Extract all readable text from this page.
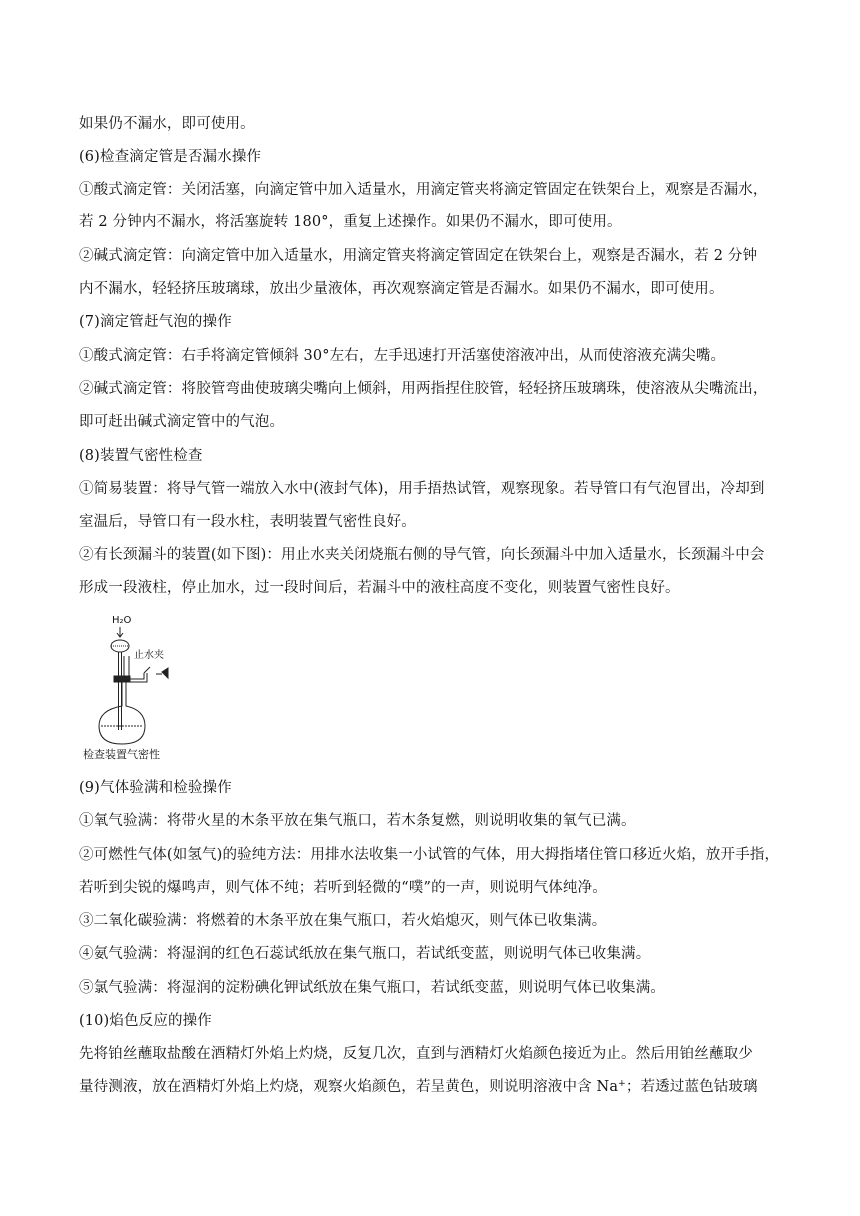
如果仍不漏水，即可使用。
(6)检查滴定管是否漏水操作
①酸式滴定管：关闭活塞，向滴定管中加入适量水，用滴定管夹将滴定管固定在铁架台上，观察是否漏水，
若 2 分钟内不漏水，将活塞旋转 180°，重复上述操作。如果仍不漏水，即可使用。
②碱式滴定管：向滴定管中加入适量水，用滴定管夹将滴定管固定在铁架台上，观察是否漏水，若 2 分钟
内不漏水，轻轻挤压玻璃球，放出少量液体，再次观察滴定管是否漏水。如果仍不漏水，即可使用。
(7)滴定管赶气泡的操作
①酸式滴定管：右手将滴定管倾斜 30°左右，左手迅速打开活塞使溶液冲出，从而使溶液充满尖嘴。
②碱式滴定管：将胶管弯曲使玻璃尖嘴向上倾斜，用两指捏住胶管，轻轻挤压玻璃珠，使溶液从尖嘴流出，
即可赶出碱式滴定管中的气泡。
(8)装置气密性检查
①简易装置：将导气管一端放入水中(液封气体)，用手捂热试管，观察现象。若导管口有气泡冒出，冷却到
室温后，导管口有一段水柱，表明装置气密性良好。
②有长颈漏斗的装置(如下图)：用止水夹关闭烧瓶右侧的导气管，向长颈漏斗中加入适量水，长颈漏斗中会
形成一段液柱，停止加水，过一段时间后，若漏斗中的液柱高度不变化，则装置气密性良好。
H₂O
止水夹
检查装置气密性
(9)气体验满和检验操作
①氧气验满：将带火星的木条平放在集气瓶口，若木条复燃，则说明收集的氧气已满。
②可燃性气体(如氢气)的验纯方法：用排水法收集一小试管的气体，用大拇指堵住管口移近火焰，放开手指，
若听到尖锐的爆鸣声，则气体不纯；若听到轻微的“噗”的一声，则说明气体纯净。
③二氧化碳验满：将燃着的木条平放在集气瓶口，若火焰熄灭，则气体已收集满。
④氨气验满：将湿润的红色石蕊试纸放在集气瓶口，若试纸变蓝，则说明气体已收集满。
⑤氯气验满：将湿润的淀粉碘化钾试纸放在集气瓶口，若试纸变蓝，则说明气体已收集满。
(10)焰色反应的操作
先将铂丝蘸取盐酸在酒精灯外焰上灼烧，反复几次，直到与酒精灯火焰颜色接近为止。然后用铂丝蘸取少
量待测液，放在酒精灯外焰上灼烧，观察火焰颜色，若呈黄色，则说明溶液中含 Na+；若透过蓝色钴玻璃
